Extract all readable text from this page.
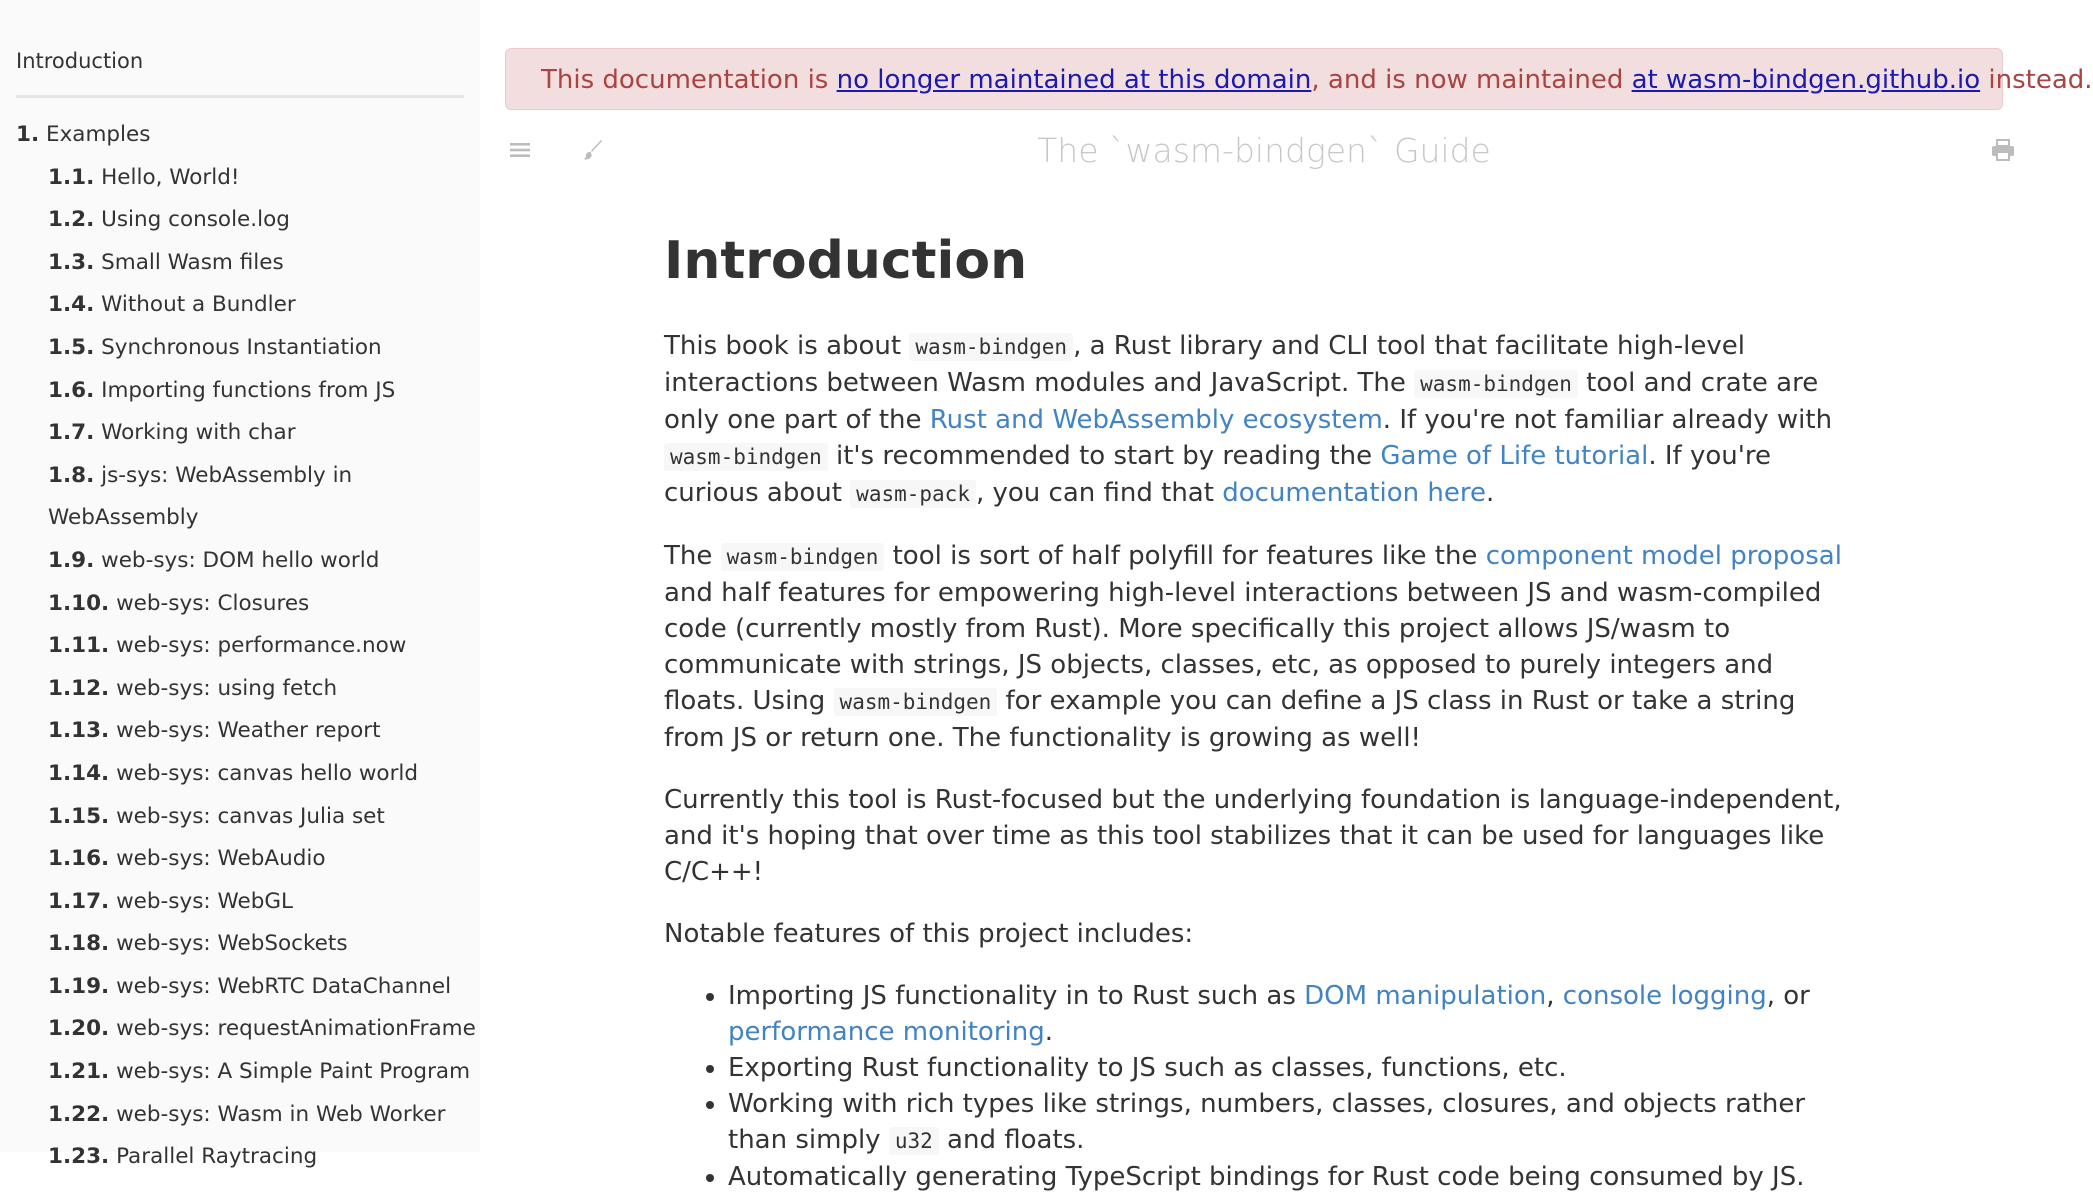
Introduction
1. Examples
1.1. Hello, World!
1.2. Using console.log
1.3. Small Wasm files
1.4. Without a Bundler
1.5. Synchronous Instantiation
1.6. Importing functions from JS
1.7. Working with char
1.8. js-sys: WebAssembly in WebAssembly
1.9. web-sys: DOM hello world
1.10. web-sys: Closures
1.11. web-sys: performance.now
1.12. web-sys: using fetch
1.13. web-sys: Weather report
1.14. web-sys: canvas hello world
1.15. web-sys: canvas Julia set
1.16. web-sys: WebAudio
1.17. web-sys: WebGL
1.18. web-sys: WebSockets
1.19. web-sys: WebRTC DataChannel
1.20. web-sys: requestAnimationFrame
1.21. web-sys: A Simple Paint Program
1.22. web-sys: Wasm in Web Worker
1.23. Parallel Raytracing
This documentation is no longer maintained at this domain, and is now maintained at wasm-bindgen.github.io instead.
The `wasm-bindgen` Guide
Introduction

This book is about wasm-bindgen , a Rust library and CLI tool that facilitate high-level interactions between Wasm modules and JavaScript. The wasm-bindgen tool and crate are only one part of the Rust and WebAssembly ecosystem. If you're not familiar already with wasm-bindgen it's recommended to start by reading the Game of Life tutorial. If you're curious about wasm-pack , you can find that documentation here.

The wasm-bindgen tool is sort of half polyfill for features like the component model proposal and half features for empowering high-level interactions between JS and wasm-compiled code (currently mostly from Rust). More specifically this project allows JS/wasm to communicate with strings, JS objects, classes, etc, as opposed to purely integers and floats. Using wasm-bindgen for example you can define a JS class in Rust or take a string from JS or return one. The functionality is growing as well!

Currently this tool is Rust-focused but the underlying foundation is language-independent, and it's hoping that over time as this tool stabilizes that it can be used for languages like C/C++!

Notable features of this project includes:

• Importing JS functionality in to Rust such as DOM manipulation, console logging, or performance monitoring.
• Exporting Rust functionality to JS such as classes, functions, etc.
• Working with rich types like strings, numbers, classes, closures, and objects rather than simply u32 and floats.
• Automatically generating TypeScript bindings for Rust code being consumed by JS.
